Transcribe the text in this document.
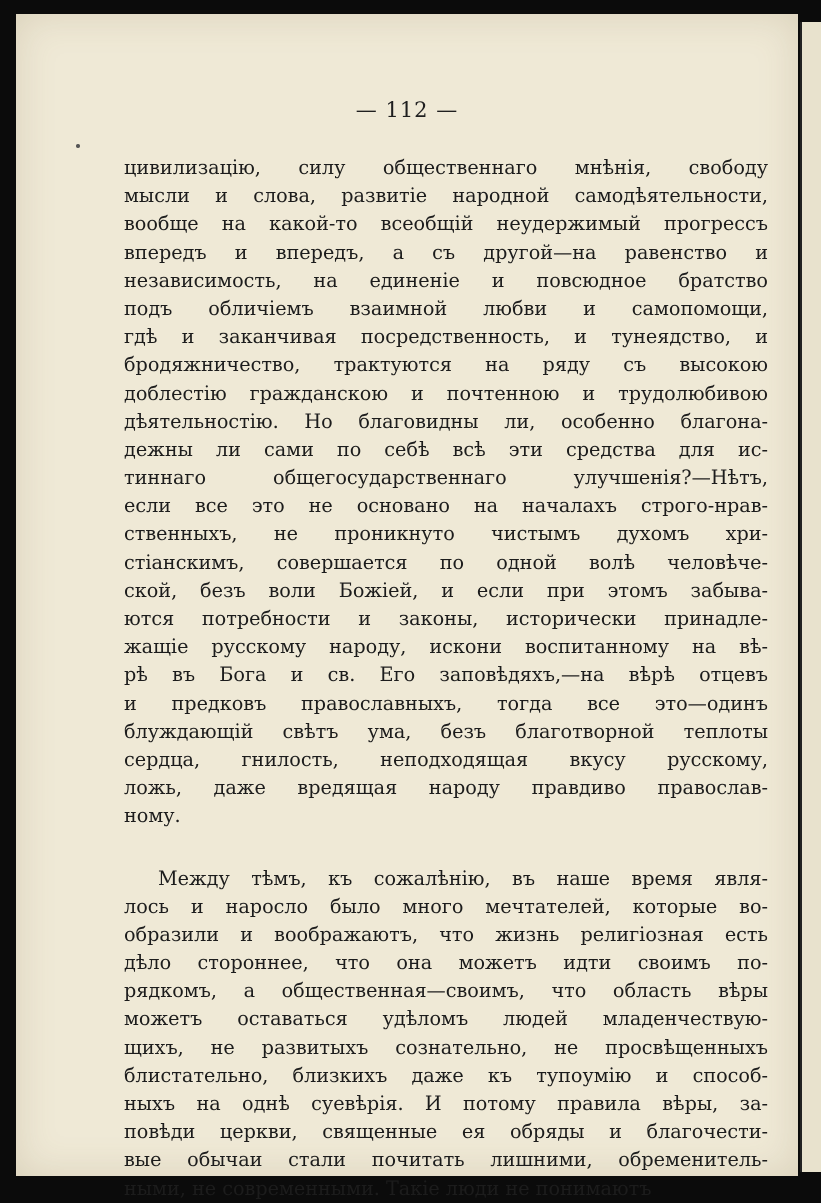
— 112 —
цивилизацію, силу общественнаго мнѣнія, свободу
мысли и слова, развитіе народной самодѣятельности,
вообще на какой-то всеобщій неудержимый прогрессъ
впередъ и впередъ, а съ другой—на равенство и
независимость, на единеніе и повсюдное братство
подъ обличіемъ взаимной любви и самопомощи,
гдѣ и заканчивая посредственность, и тунеядство, и
бродяжничество, трактуются на ряду съ высокою
доблестію гражданскою и почтенною и трудолюбивою
дѣятельностію. Но благовидны ли, особенно благона-
дежны ли сами по себѣ всѣ эти средства для ис-
тиннаго общегосударственнаго улучшенія?—Нѣтъ,
если все это не основано на началахъ строго-нрав-
ственныхъ, не проникнуто чистымъ духомъ хри-
стіанскимъ, совершается по одной волѣ человѣче-
ской, безъ воли Божіей, и если при этомъ забыва-
ются потребности и законы, исторически принадле-
жащіе русскому народу, искони воспитанному на вѣ-
рѣ въ Бога и св. Его заповѣдяхъ,—на вѣрѣ отцевъ
и предковъ православныхъ, тогда все это—одинъ
блуждающій свѣтъ ума, безъ благотворной теплоты
сердца, гнилость, неподходящая вкусу русскому,
ложь, даже вредящая народу правдиво православ-
ному.
Между тѣмъ, къ сожалѣнію, въ наше время явля-
лось и наросло было много мечтателей, которые во-
образили и воображаютъ, что жизнь религіозная есть
дѣло стороннее, что она можетъ идти своимъ по-
рядкомъ, а общественная—своимъ, что область вѣры
можетъ оставаться удѣломъ людей младенчествую-
щихъ, не развитыхъ сознательно, не просвѣщенныхъ
блистательно, близкихъ даже къ тупоумію и способ-
ныхъ на однѣ суевѣрія. И потому правила вѣры, за-
повѣди церкви, священные ея обряды и благочести-
вые обычаи стали почитать лишними, обременитель-
ными, не современными. Такіе люди не понимаютъ
